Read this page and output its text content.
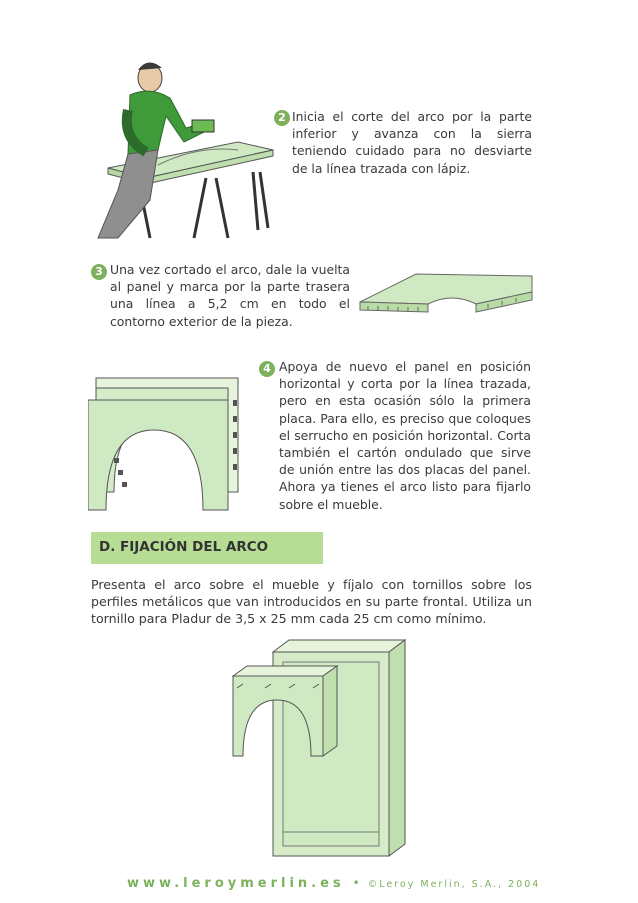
2 Inicia el corte del arco por la parte inferior y avanza con la sierra teniendo cuidado para no desviarte de la línea trazada con lápiz.
3 Una vez cortado el arco, dale la vuelta al panel y marca por la parte trasera una línea a 5,2 cm en todo el contorno exterior de la pieza.
4 Apoya de nuevo el panel en posición horizontal y corta por la línea trazada, pero en esta ocasión sólo la primera placa. Para ello, es preciso que coloques el serrucho en posición horizontal. Corta también el cartón ondulado que sirve de unión entre las dos placas del panel. Ahora ya tienes el arco listo para fijarlo sobre el mueble.
D. FIJACIÓN DEL ARCO
Presenta el arco sobre el mueble y fíjalo con tornillos sobre los perfiles metálicos que van introducidos en su parte frontal. Utiliza un tornillo para Pladur de 3,5 x 25 mm cada 25 cm como mínimo.
www.leroymerlin.es • ©Leroy Merlin, S.A., 2004
